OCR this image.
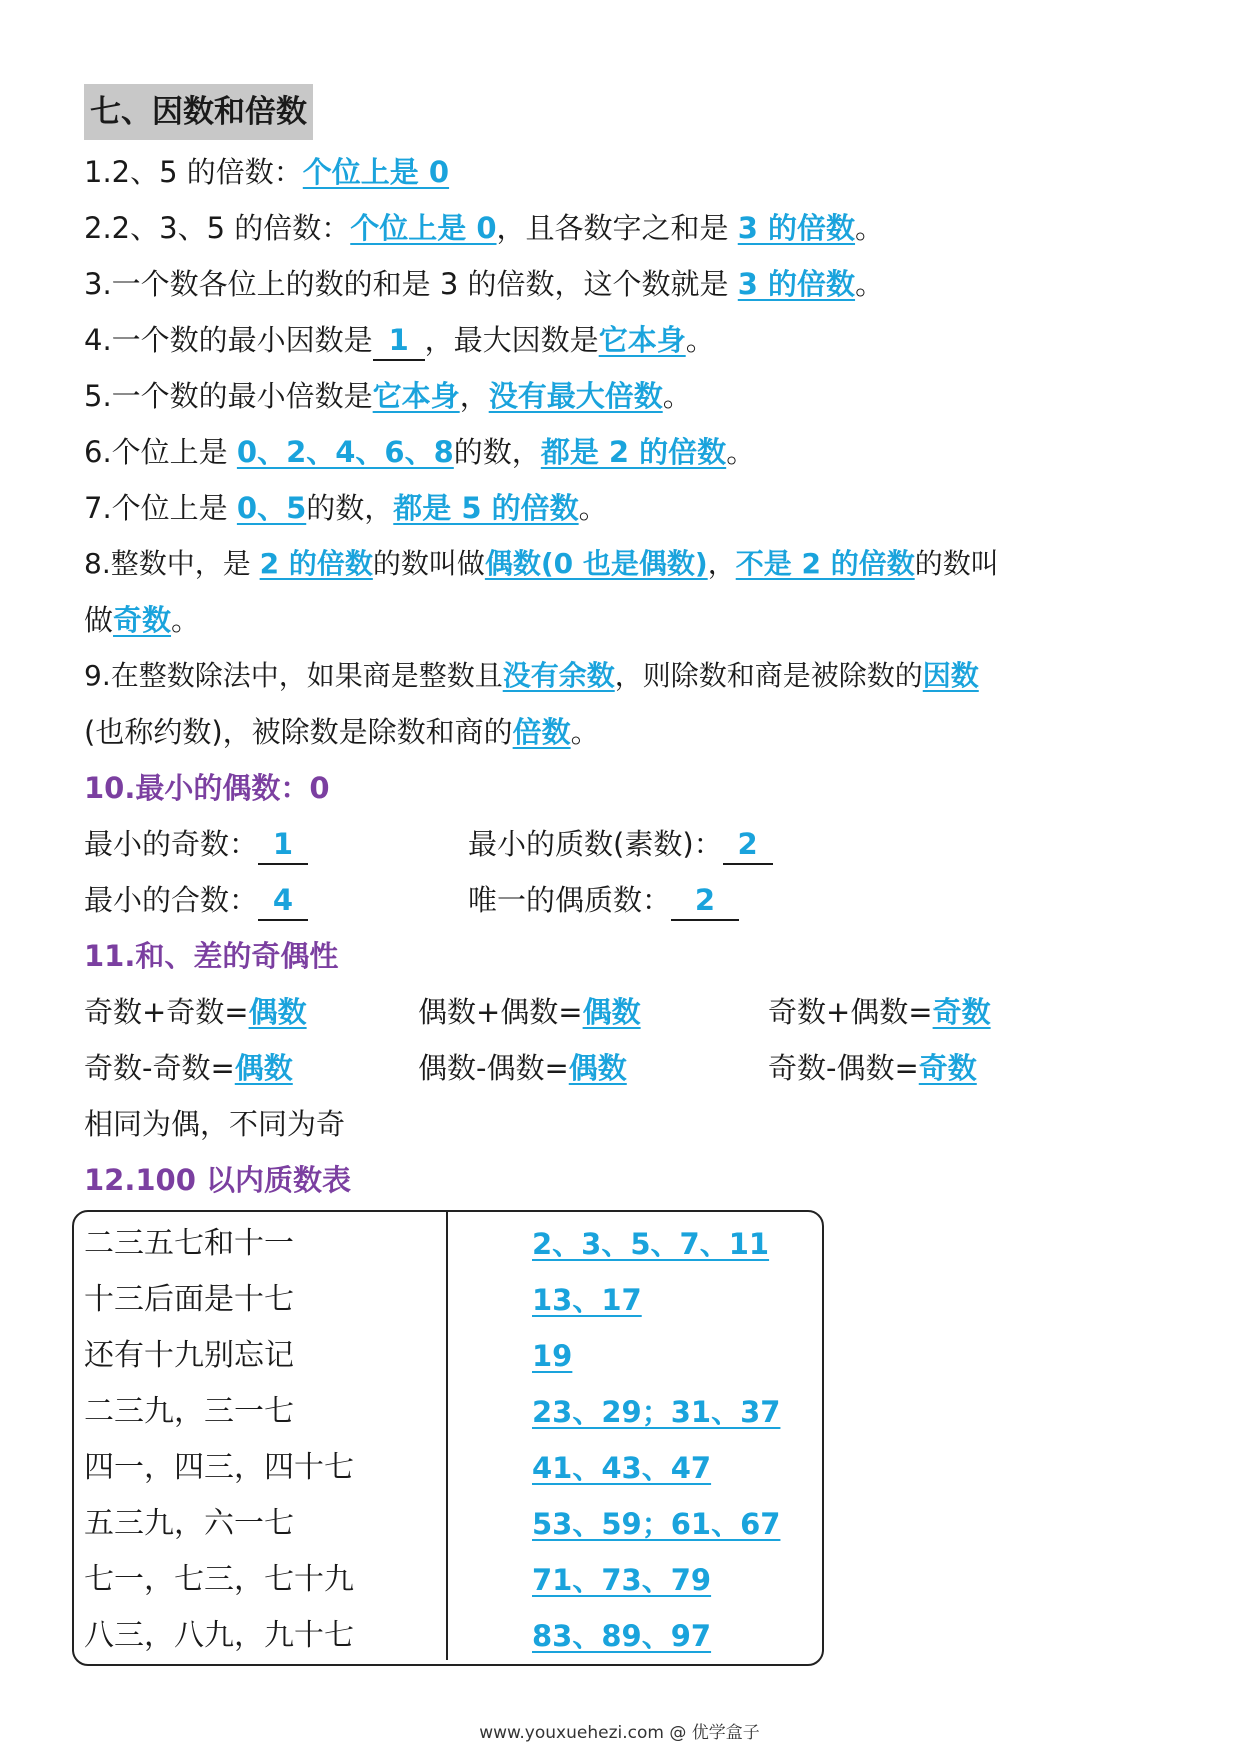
七、因数和倍数
1.2、5 的倍数：个位上是 0
2.2、3、5 的倍数：个位上是 0，且各数字之和是 3 的倍数。
3.一个数各位上的数的和是 3 的倍数，这个数就是 3 的倍数。
4.一个数的最小因数是 1 ，最大因数是它本身。
5.一个数的最小倍数是它本身，没有最大倍数。
6.个位上是 0、2、4、6、8的数，都是 2 的倍数。
7.个位上是 0、5的数，都是 5 的倍数。
8.整数中，是 2 的倍数的数叫做偶数(0 也是偶数)，不是 2 的倍数的数叫
做奇数。
9.在整数除法中，如果商是整数且没有余数，则除数和商是被除数的因数
(也称约数)，被除数是除数和商的倍数。
10.最小的偶数：0
最小的奇数： 1	最小的质数(素数)： 2
最小的合数： 4	唯一的偶质数： 2
11.和、差的奇偶性
奇数+奇数=偶数	偶数+偶数=偶数	奇数+偶数=奇数
奇数-奇数=偶数	偶数-偶数=偶数	奇数-偶数=奇数
相同为偶，不同为奇
12.100 以内质数表
二三五七和十一	2、3、5、7、11
十三后面是十七	13、17
还有十九别忘记	19
二三九，三一七	23、29；31、37
四一，四三，四十七	41、43、47
五三九，六一七	53、59；61、67
七一，七三，七十九	71、73、79
八三，八九，九十七	83、89、97
www.youxuehezi.com @ 优学盒子
